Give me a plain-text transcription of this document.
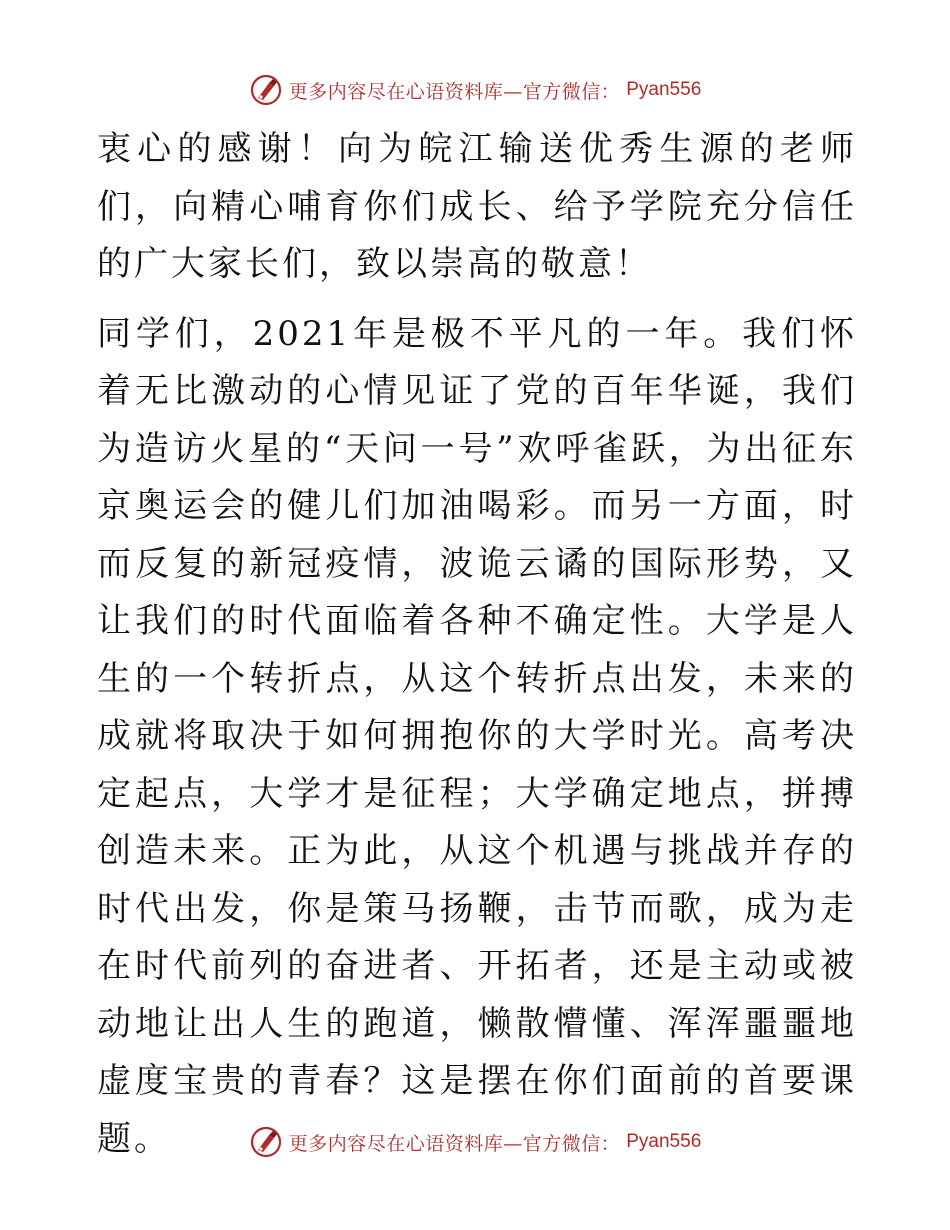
更多内容尽在心语资料库—官方微信： Pyan556

衷心的感谢！向为皖江输送优秀生源的老师们，向精心哺育你们成长、给予学院充分信任的广大家长们，致以崇高的敬意！

同学们，2021年是极不平凡的一年。我们怀着无比激动的心情见证了党的百年华诞，我们为造访火星的“天问一号”欢呼雀跃，为出征东京奥运会的健儿们加油喝彩。而另一方面，时而反复的新冠疫情，波诡云谲的国际形势，又让我们的时代面临着各种不确定性。大学是人生的一个转折点，从这个转折点出发，未来的成就将取决于如何拥抱你的大学时光。高考决定起点，大学才是征程；大学确定地点，拼搏创造未来。正为此，从这个机遇与挑战并存的时代出发，你是策马扬鞭，击节而歌，成为走在时代前列的奋进者、开拓者，还是主动或被动地让出人生的跑道，懒散懵懂、浑浑噩噩地虚度宝贵的青春？这是摆在你们面前的首要课题。	更多内容尽在心语资料库—官方微信： Pyan556
